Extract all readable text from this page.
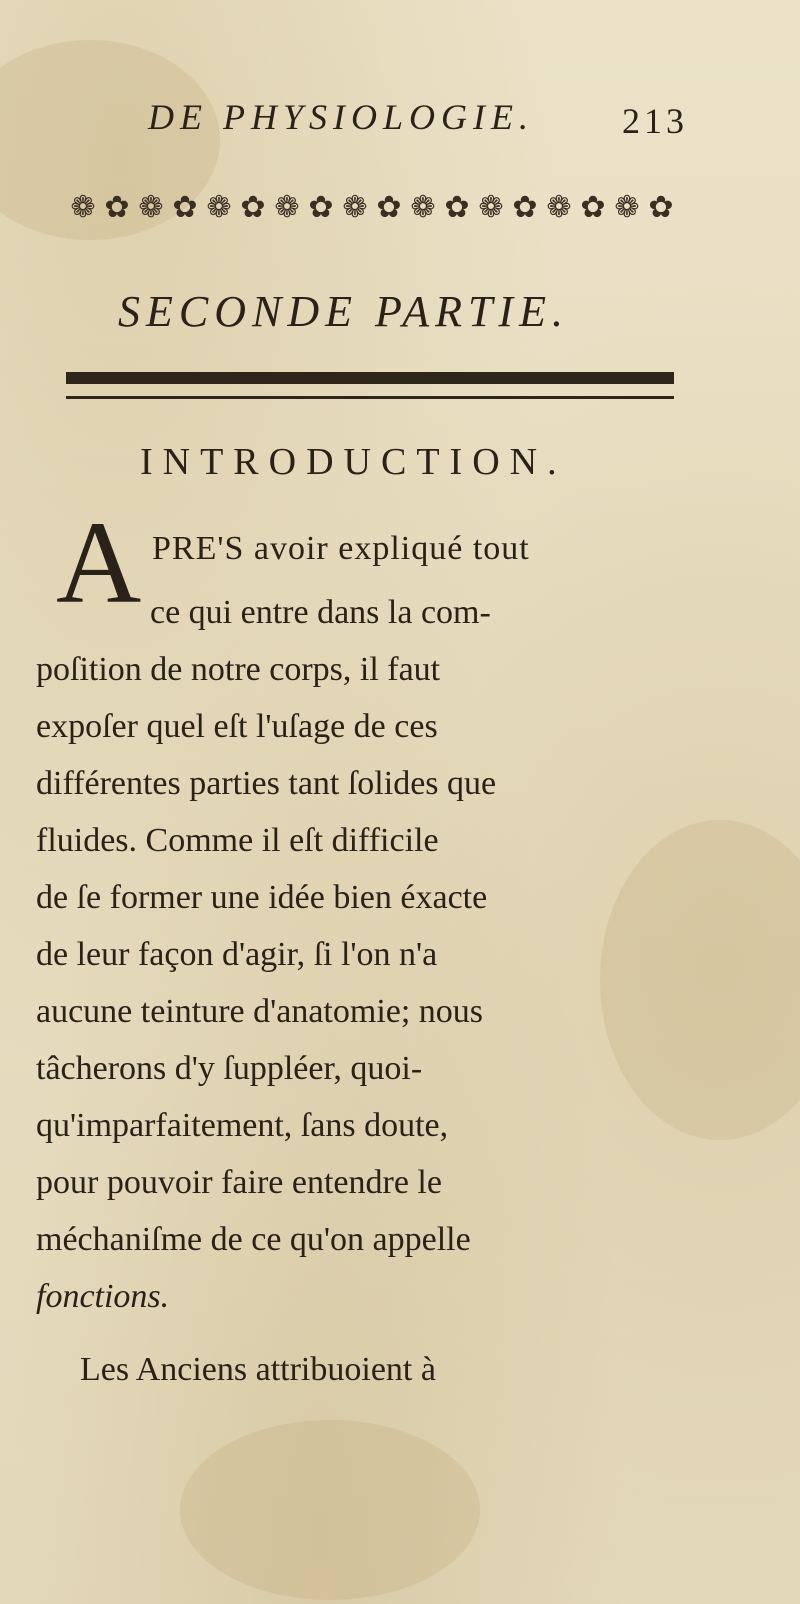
DE PHYSIOLOGIE. 213
❁ ✿ ❁ ✿ ❁ ✿ ❁ ✿ ❁ ✿ ❁ ✿ ❁ ✿ ❁ ✿ ❁ ✿
SECONDE PARTIE.
INTRODUCTION.
A PRE'S avoir expliqué tout
ce qui entre dans la com-
poſition de notre corps, il faut
expoſer quel eſt l'uſage de ces
différentes parties tant ſolides que
fluides. Comme il eſt difficile
de ſe former une idée bien éxacte
de leur façon d'agir, ſi l'on n'a
aucune teinture d'anatomie; nous
tâcherons d'y ſuppléer, quoi-
qu'imparfaitement, ſans doute,
pour pouvoir faire entendre le
méchaniſme de ce qu'on appelle
fonctions.
Les Anciens attribuoient à
